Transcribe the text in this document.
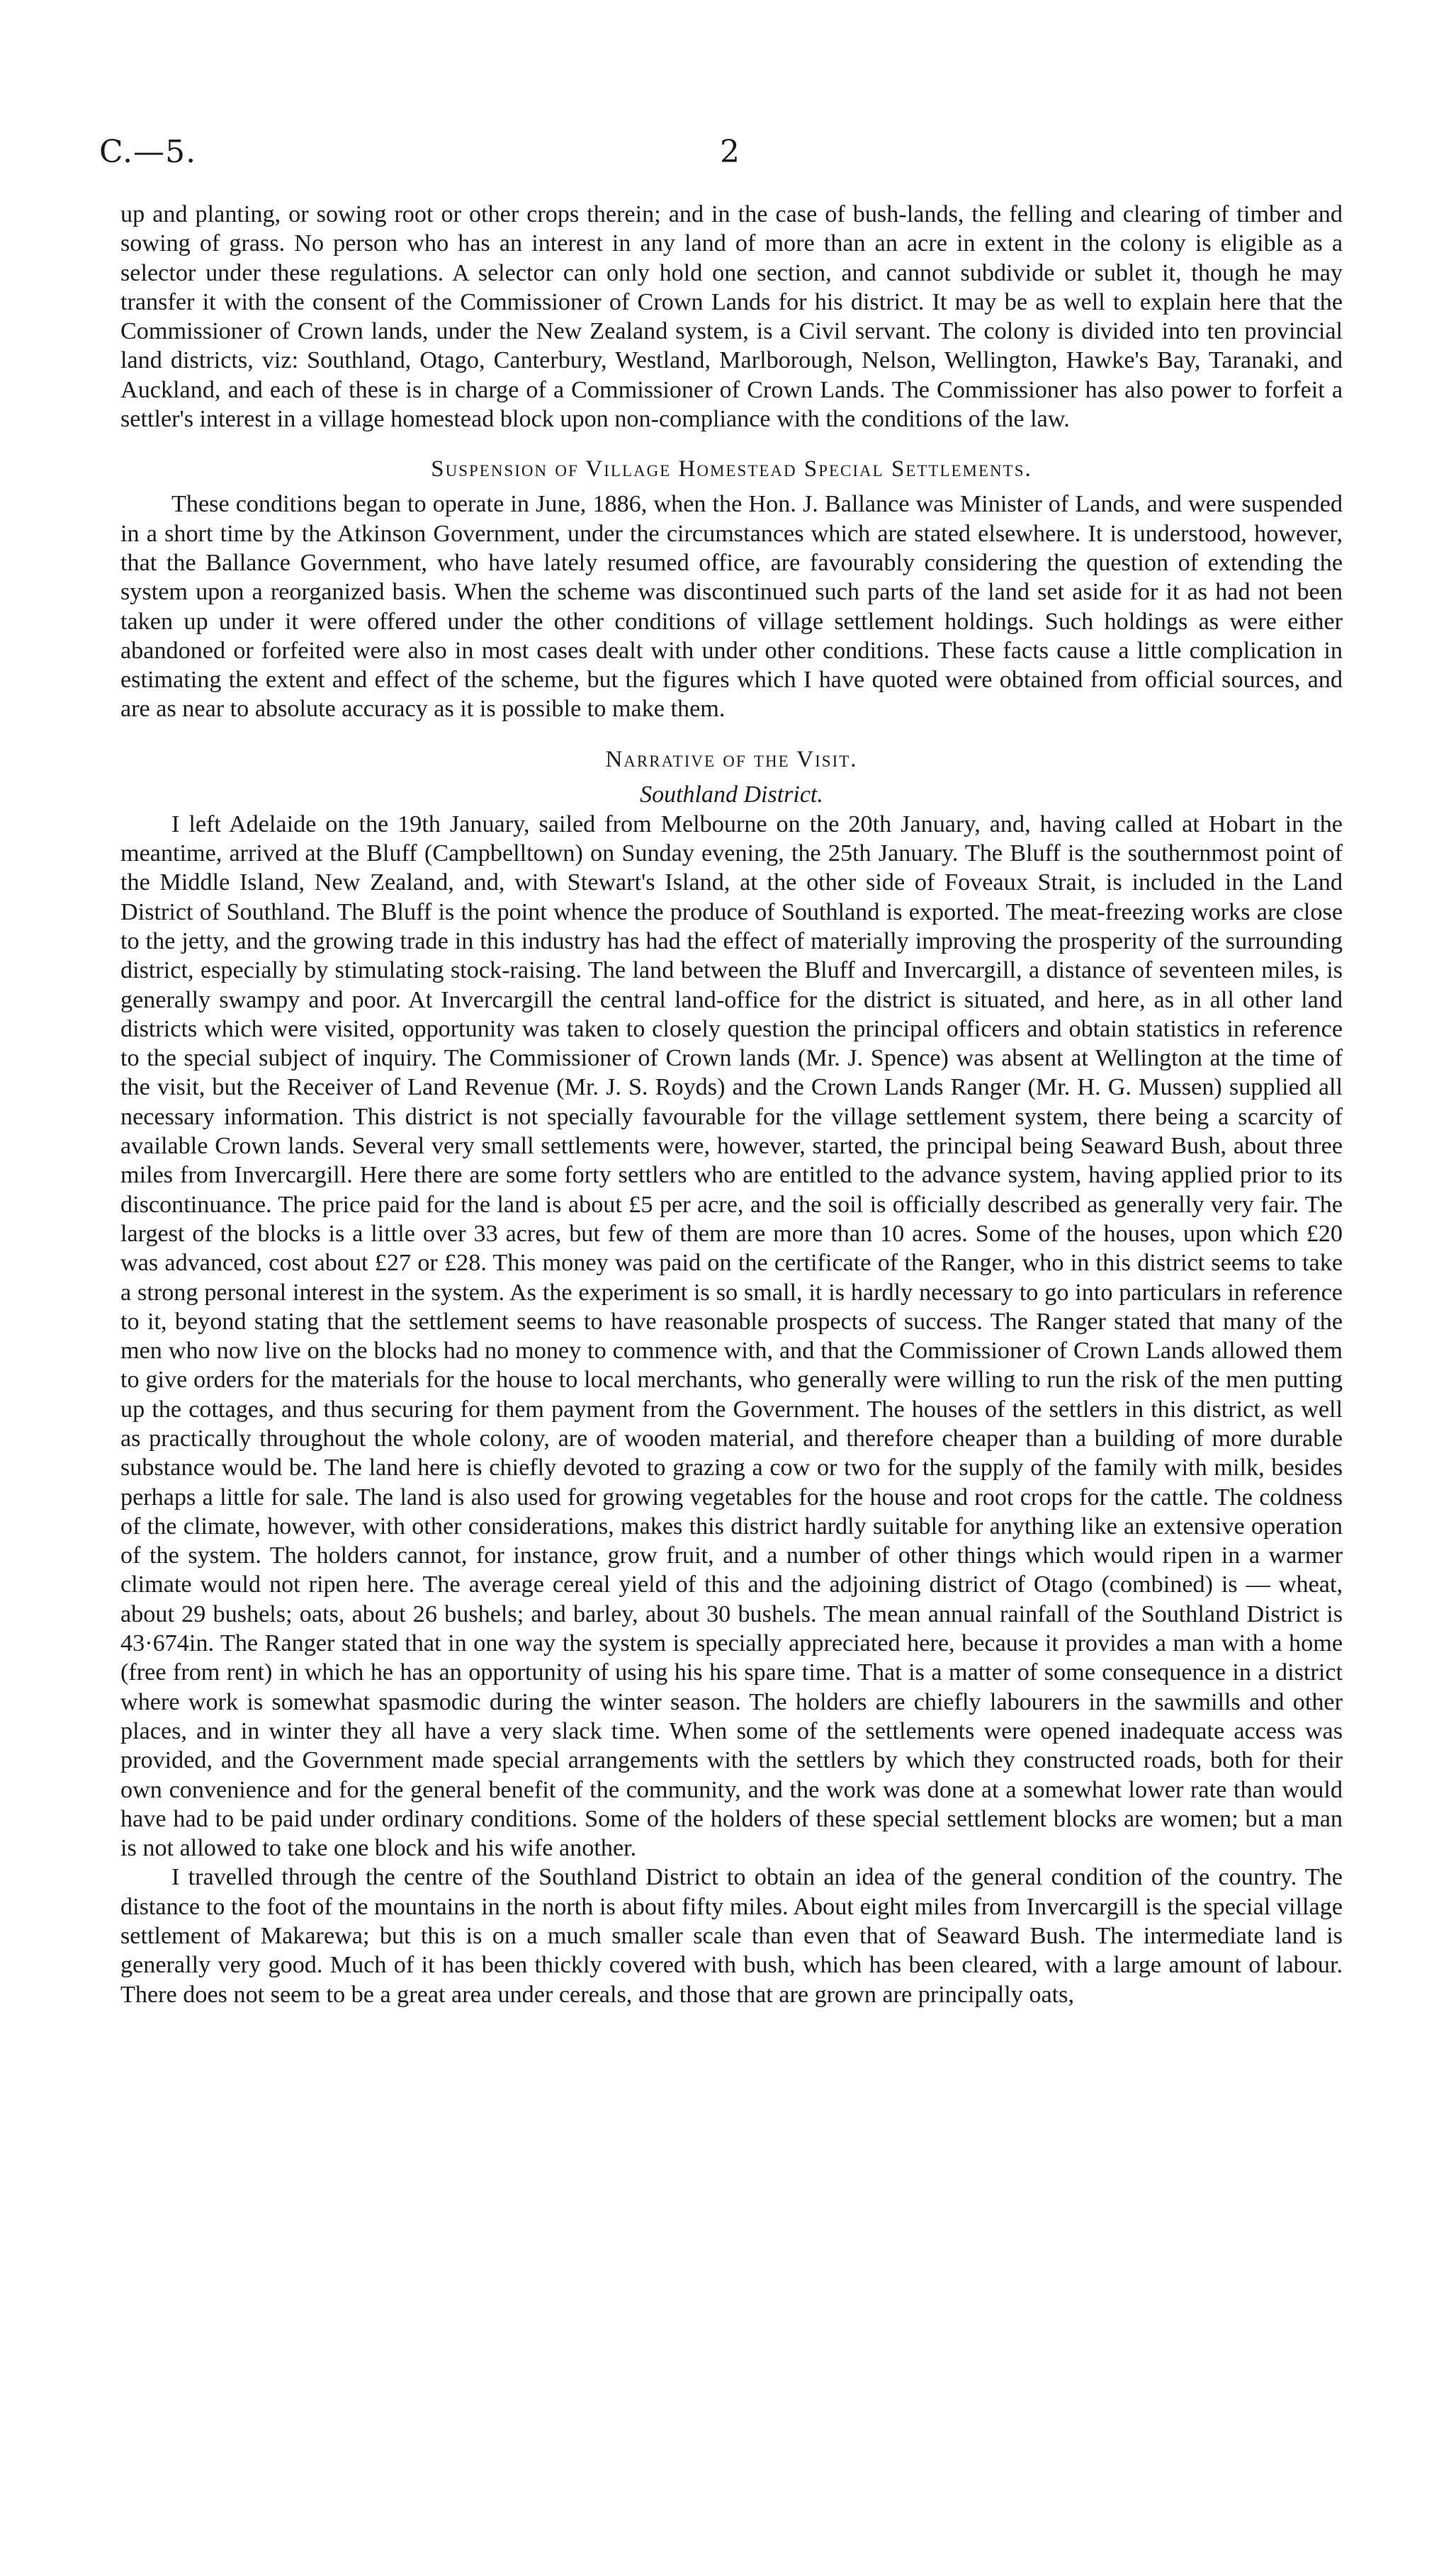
C.—5.	2

up and planting, or sowing root or other crops therein; and in the case of bush-lands, the felling and clearing of timber and sowing of grass. No person who has an interest in any land of more than an acre in extent in the colony is eligible as a selector under these regulations. A selector can only hold one section, and cannot subdivide or sublet it, though he may transfer it with the consent of the Commissioner of Crown Lands for his district. It may be as well to explain here that the Commissioner of Crown lands, under the New Zealand system, is a Civil servant. The colony is divided into ten provincial land districts, viz: Southland, Otago, Canterbury, Westland, Marlborough, Nelson, Wellington, Hawke's Bay, Taranaki, and Auckland, and each of these is in charge of a Commissioner of Crown Lands. The Commissioner has also power to forfeit a settler's interest in a village homestead block upon non-compliance with the conditions of the law.

Suspension of Village Homestead Special Settlements.

These conditions began to operate in June, 1886, when the Hon. J. Ballance was Minister of Lands, and were suspended in a short time by the Atkinson Government, under the circumstances which are stated elsewhere. It is understood, however, that the Ballance Government, who have lately resumed office, are favourably considering the question of extending the system upon a reorganized basis. When the scheme was discontinued such parts of the land set aside for it as had not been taken up under it were offered under the other conditions of village settlement holdings. Such holdings as were either abandoned or forfeited were also in most cases dealt with under other conditions. These facts cause a little complication in estimating the extent and effect of the scheme, but the figures which I have quoted were obtained from official sources, and are as near to absolute accuracy as it is possible to make them.

Narrative of the Visit.

Southland District.

I left Adelaide on the 19th January, sailed from Melbourne on the 20th January, and, having called at Hobart in the meantime, arrived at the Bluff (Campbelltown) on Sunday evening, the 25th January. The Bluff is the southernmost point of the Middle Island, New Zealand, and, with Stewart's Island, at the other side of Foveaux Strait, is included in the Land District of Southland. The Bluff is the point whence the produce of Southland is exported. The meat-freezing works are close to the jetty, and the growing trade in this industry has had the effect of materially improving the prosperity of the surrounding district, especially by stimulating stock-raising. The land between the Bluff and Invercargill, a distance of seventeen miles, is generally swampy and poor. At Invercargill the central land-office for the district is situated, and here, as in all other land districts which were visited, opportunity was taken to closely question the principal officers and obtain statistics in reference to the special subject of inquiry. The Commissioner of Crown lands (Mr. J. Spence) was absent at Wellington at the time of the visit, but the Receiver of Land Revenue (Mr. J. S. Royds) and the Crown Lands Ranger (Mr. H. G. Mussen) supplied all necessary information. This district is not specially favourable for the village settlement system, there being a scarcity of available Crown lands. Several very small settlements were, however, started, the principal being Seaward Bush, about three miles from Invercargill. Here there are some forty settlers who are entitled to the advance system, having applied prior to its discontinuance. The price paid for the land is about £5 per acre, and the soil is officially described as generally very fair. The largest of the blocks is a little over 33 acres, but few of them are more than 10 acres. Some of the houses, upon which £20 was advanced, cost about £27 or £28. This money was paid on the certificate of the Ranger, who in this district seems to take a strong personal interest in the system. As the experiment is so small, it is hardly necessary to go into particulars in reference to it, beyond stating that the settlement seems to have reasonable prospects of success. The Ranger stated that many of the men who now live on the blocks had no money to commence with, and that the Commissioner of Crown Lands allowed them to give orders for the materials for the house to local merchants, who generally were willing to run the risk of the men putting up the cottages, and thus securing for them payment from the Government. The houses of the settlers in this district, as well as practically throughout the whole colony, are of wooden material, and therefore cheaper than a building of more durable substance would be. The land here is chiefly devoted to grazing a cow or two for the supply of the family with milk, besides perhaps a little for sale. The land is also used for growing vegetables for the house and root crops for the cattle. The coldness of the climate, however, with other considerations, makes this district hardly suitable for anything like an extensive operation of the system. The holders cannot, for instance, grow fruit, and a number of other things which would ripen in a warmer climate would not ripen here. The average cereal yield of this and the adjoining district of Otago (combined) is — wheat, about 29 bushels; oats, about 26 bushels; and barley, about 30 bushels. The mean annual rainfall of the Southland District is 43·674in. The Ranger stated that in one way the system is specially appreciated here, because it provides a man with a home (free from rent) in which he has an opportunity of using his his spare time. That is a matter of some consequence in a district where work is somewhat spasmodic during the winter season. The holders are chiefly labourers in the sawmills and other places, and in winter they all have a very slack time. When some of the settlements were opened inadequate access was provided, and the Government made special arrangements with the settlers by which they constructed roads, both for their own convenience and for the general benefit of the community, and the work was done at a somewhat lower rate than would have had to be paid under ordinary conditions. Some of the holders of these special settlement blocks are women; but a man is not allowed to take one block and his wife another.

I travelled through the centre of the Southland District to obtain an idea of the general condition of the country. The distance to the foot of the mountains in the north is about fifty miles. About eight miles from Invercargill is the special village settlement of Makarewa; but this is on a much smaller scale than even that of Seaward Bush. The intermediate land is generally very good. Much of it has been thickly covered with bush, which has been cleared, with a large amount of labour. There does not seem to be a great area under cereals, and those that are grown are principally oats,
